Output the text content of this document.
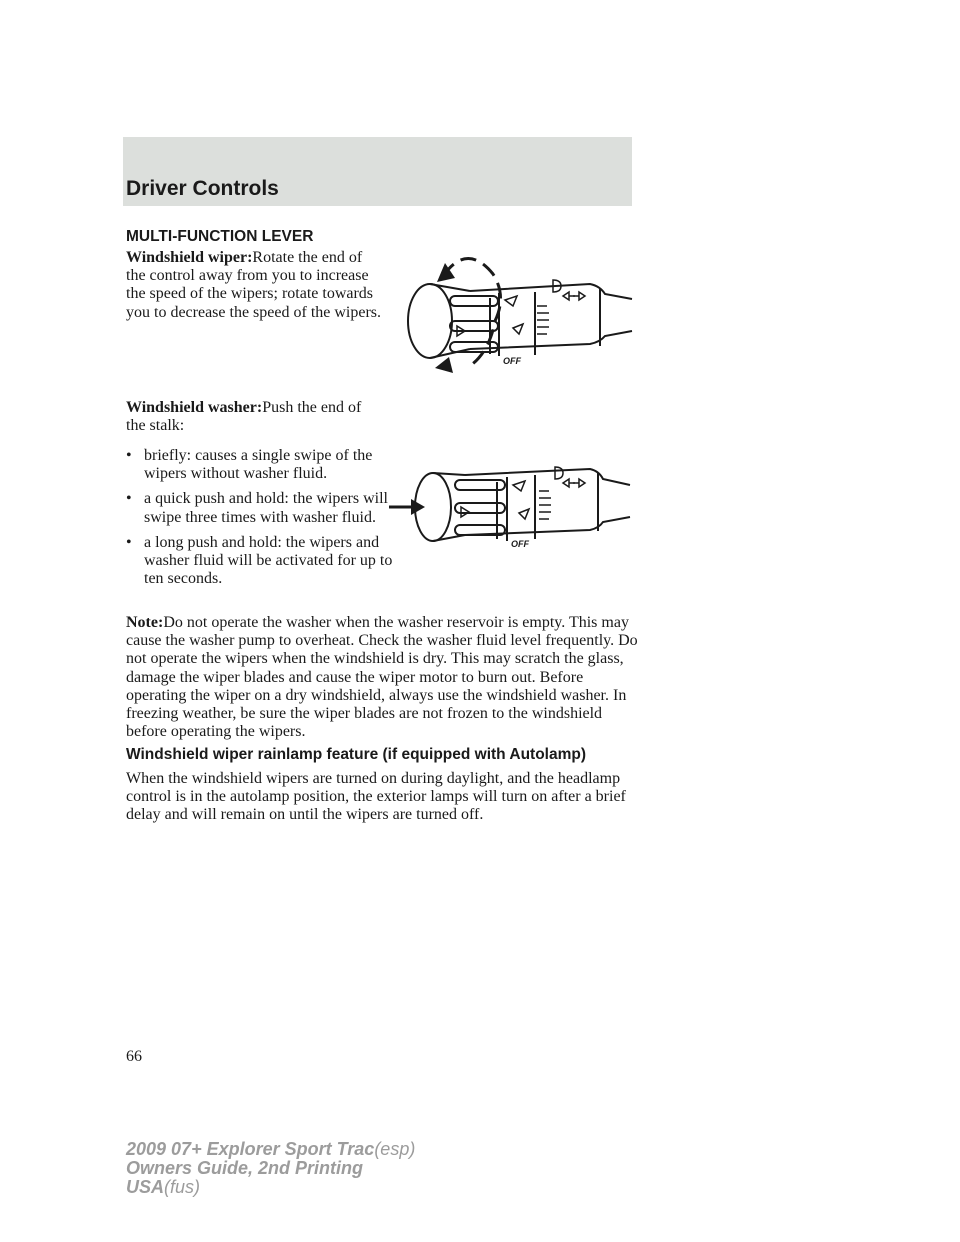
Driver Controls
MULTI-FUNCTION LEVER

Windshield wiper:Rotate the end of the control away from you to increase the speed of the wipers; rotate towards you to decrease the speed of the wipers.

OFF

Windshield washer:Push the end of the stalk:

• briefly: causes a single swipe of the wipers without washer fluid.
• a quick push and hold: the wipers will swipe three times with washer fluid.
• a long push and hold: the wipers and washer fluid will be activated for up to ten seconds.
OFF

Note:Do not operate the washer when the washer reservoir is empty. This may cause the washer pump to overheat. Check the washer fluid level frequently. Do not operate the wipers when the windshield is dry. This may scratch the glass, damage the wiper blades and cause the wiper motor to burn out. Before operating the wiper on a dry windshield, always use the windshield washer. In freezing weather, be sure the wiper blades are not frozen to the windshield before operating the wipers.

Windshield wiper rainlamp feature (if equipped with Autolamp)

When the windshield wipers are turned on during daylight, and the headlamp control is in the autolamp position, the exterior lamps will turn on after a brief delay and will remain on until the wipers are turned off.

66

2009 07+ Explorer Sport Trac(esp)
Owners Guide, 2nd Printing
USA(fus)
